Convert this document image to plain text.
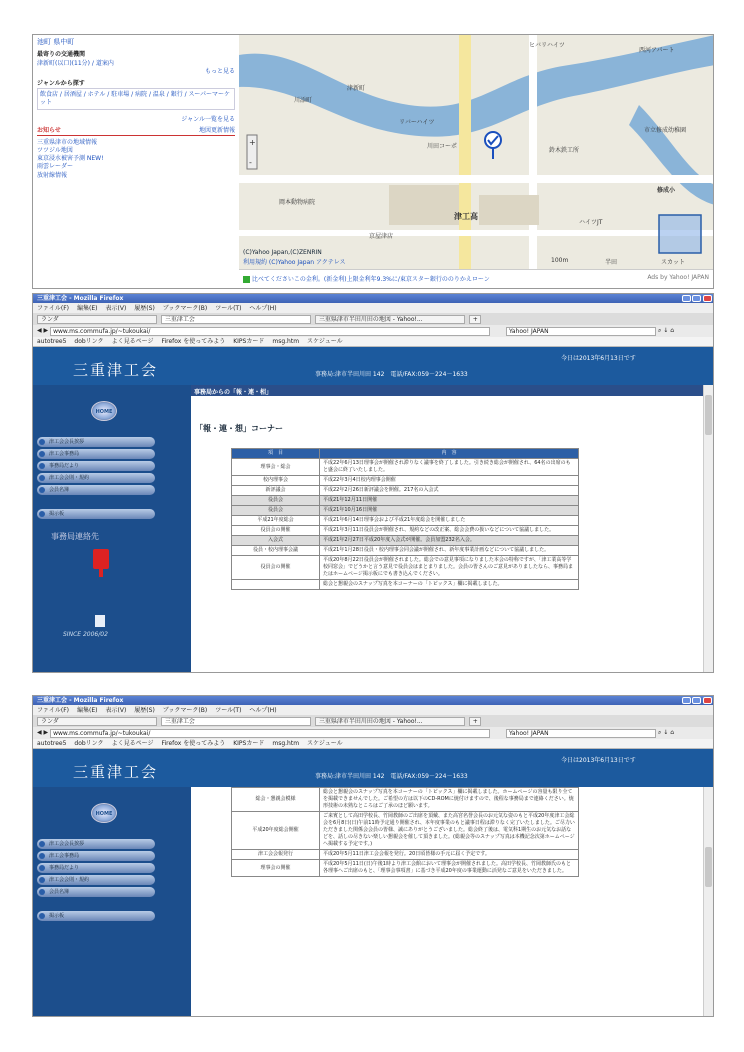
池町 県中町
最寄りの交通機関
津新町(以口)(11分) / 道案内
もっと見る
ジャンルから探す
飲食店 / 居酒屋 / ホテル / 駐車場 / 病院 / 温泉 / 銀行 / スーパーマーケット
ジャンル一覧を見る
お知らせ	地図更新情報
三重県津市の地域情報
ツツジル地図
東京浸水被害予測 NEW!
雨雲レーダー
放射線情報
+
-
ヒバリハイツ
西河アパート
川添町
津新町
リバーハイツ
川田コーポ
鈴木鉄工所
市立修成幼稚園
修成小
岡本動物病院
津工高
京屋津店
ハイツJT
半田	スカット
(C)Yahoo Japan,(C)ZENRIN
利用規約 (C)Yahoo Japan アクテレス	100m
比べてくださいこの金利。(新金利)上限金利年9.3%に/東京スター銀行ののりかえローン	Ads by Yahoo! JAPAN
三重津工会 - Mozilla Firefox
ファイル(F) 編集(E) 表示(V) 履歴(S) ブックマーク(B) ツール(T) ヘルプ(H)
ランダ	三重津工会	三重県津市半田川田の地図 - Yahoo!...	+
◀ ▶ www.ms.commufa.jp/~tukoukai/	Yahoo! JAPAN	⌕ ↓ ⌂
autotree5 dobリンク よく見るページ Firefox を使ってみよう KIPSカード msg.htm スケジュール
三重津工会	事務局:津市半田川田 142　電話/FAX:059－224－1633
今日は2013年6月13日です
HOME
津工会会長挨拶
津工会事務局
事務局だより
津工会会則・規約
会員名簿
掲示板
事務局連絡先
SINCE 2006/02
事務局からの「報・連・相」
「報・連・想」コーナー
項　目	内　容
理事会・総会	平成22年6月13日理事会が開催され滞りなく議事を終了しました。引き続き総会が開催され、64名の出席のもと盛会に終了いたしました。
校内理事会	平成22年3月4日校内理事会開催
新評議会	平成22年2月26日新評議会を開催。217名の入会式
役員会	平成21年12月11日開催
役員会	平成21年10月16日開催
平成21年度総会	平成21年6月14日理事会および平成21年度総会を開催しました
役員会の開催	平成21年3月11日役員会が開催され、規約などの改正案、総会会費の扱いなどについて協議しました。
入会式	平成21年2月27日平成20年度入会式が開催。会員加盟232名入会。
役員・校内理事会議	平成21年1月28日役員・校内理事会同会議が開催され、新年度事業計画などについて協議しました。
役員会の開催	平成20年8月22日役員会が開催されました。総会での意見事項になりました本会の特称ですが、「津工業高等学校同窓会」でどうかと言う意見で役員会はまとまりました。会員の皆さんのご意見がありましたなら、事務局またはホームページ掲示板にでも書き込んでください。
	総会と懇親会のスナップ写真を本コーナーの「トピックス」欄に掲載しました。
三重津工会 - Mozilla Firefox
ファイル(F) 編集(E) 表示(V) 履歴(S) ブックマーク(B) ツール(T) ヘルプ(H)
ランダ	三重津工会	三重県津市半田川田の地図 - Yahoo!...	+
◀ ▶ www.ms.commufa.jp/~tukoukai/	Yahoo! JAPAN	⌕ ↓ ⌂
autotree5 dobリンク よく見るページ Firefox を使ってみよう KIPSカード msg.htm スケジュール
三重津工会	事務局:津市半田川田 142　電話/FAX:059－224－1633
今日は2013年6月13日です
HOME
津工会会長挨拶
津工会事務局
事務局だより
津工会会則・規約
会員名簿
掲示板
総会・懇親会模様	総会と懇親会のスナップ写真を本コーナーの「トピックス」欄に掲載しました。ホームページの容量も限り全てを掲載できませんでした。ご希望の方は以下のCD-ROMに焼付けますので、後程な事務局まで連絡ください。焼形技術の未熟なところはご了承のほど願います。
平成20年度総会開催	ご来賓として高田学校長、竹岡教師のご出席を頂戴、また高宮名誉会長のお元気な姿のもと平成20年度津工会総会を6月8日(日)午前11時予定通り開催され、本年度事業のもと議事日程は滞りなく完了いたしました。ご尽力いただきました関係会会員の皆様、誠にありがとうございました。総会終了後は、電気科1期生のお元気なお話などを、話しの尽きない楽しい懇親会を催して頂きました。(総親会等のスナップ写真は本機記念次第ホームページへ掲載する予定です。)
津工会会報発行	平成20年5月11日津工会会報を発行。20日頃皆様の手元に届く予定です。
理事会の開催	平成20年5月11日(日)午後1時より津工会館において理事会が開催されました。高田学校長、竹岡教師氏のもと各理事へご出席のもと、「理事会事項書」に基づき平成20年度の事業運動に活発なご意見をいただきました。
